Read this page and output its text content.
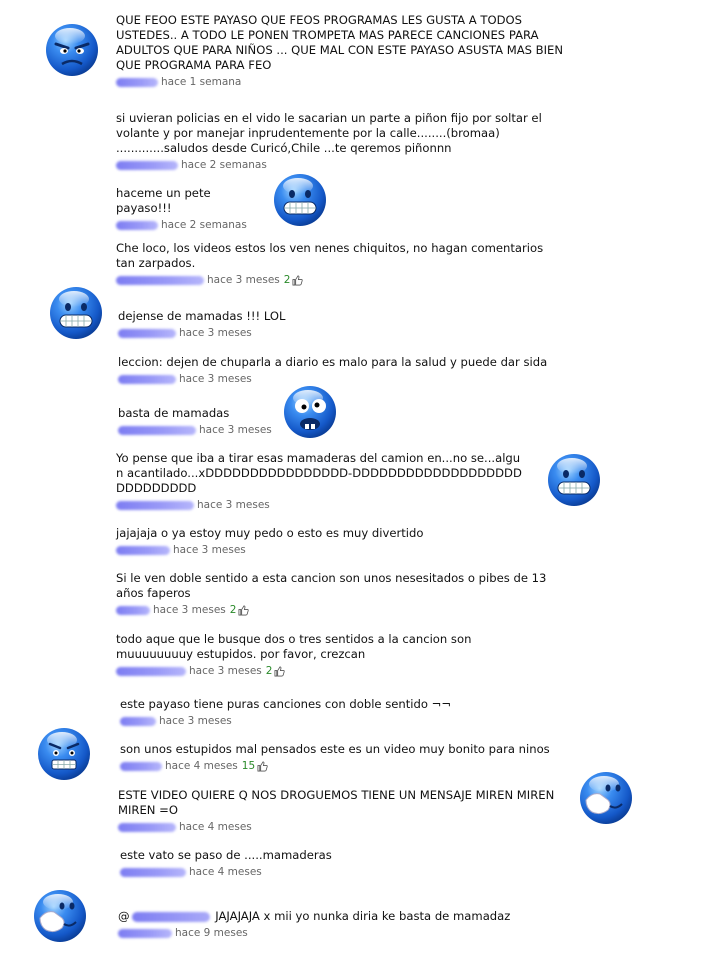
QUE FEOO ESTE PAYASO QUE FEOS PROGRAMAS LES GUSTA A TODOS USTEDES.. A TODO LE PONEN TROMPETA MAS PARECE CANCIONES PARA ADULTOS QUE PARA NIÑOS ... QUE MAL CON ESTE PAYASO ASUSTA MAS BIEN QUE PROGRAMA PARA FEO

hace 1 semana

si uvieran policias en el vido le sacarian un parte a piñon fijo por soltar el volante y por manejar inprudentemente por la calle........(bromaa) .............saludos desde Curicó,Chile ...te qeremos piñonnn

hace 2 semanas

haceme un pete payaso!!!

hace 2 semanas

Che loco, los videos estos los ven nenes chiquitos, no hagan comentarios tan zarpados.

hace 3 meses 2

dejense de mamadas !!! LOL

hace 3 meses

leccion: dejen de chuparla a diario es malo para la salud y puede dar sida

hace 3 meses

basta de mamadas

hace 3 meses

Yo pense que iba a tirar esas mamaderas del camion en...no se...algun acantilado...xDDDDDDDDDDDDDDDD-DDDDDDDDDDDDDDDDDDDDDDDDDDDD

hace 3 meses

jajajaja o ya estoy muy pedo o esto es muy divertido

hace 3 meses

Si le ven doble sentido a esta cancion son unos nesesitados o pibes de 13 años faperos

hace 3 meses 2

todo aque que le busque dos o tres sentidos a la cancion son muuuuuuuuy estupidos. por favor, crezcan

hace 3 meses 2

este payaso tiene puras canciones con doble sentido ¬¬

hace 3 meses

son unos estupidos mal pensados este es un video muy bonito para ninos

hace 4 meses 15

ESTE VIDEO QUIERE Q NOS DROGUEMOS TIENE UN MENSAJE MIREN MIREN MIREN =O

hace 4 meses

este vato se paso de .....mamaderas

hace 4 meses

@	JAJAJAJA x mii yo nunka diria ke basta de mamadaz

hace 9 meses
